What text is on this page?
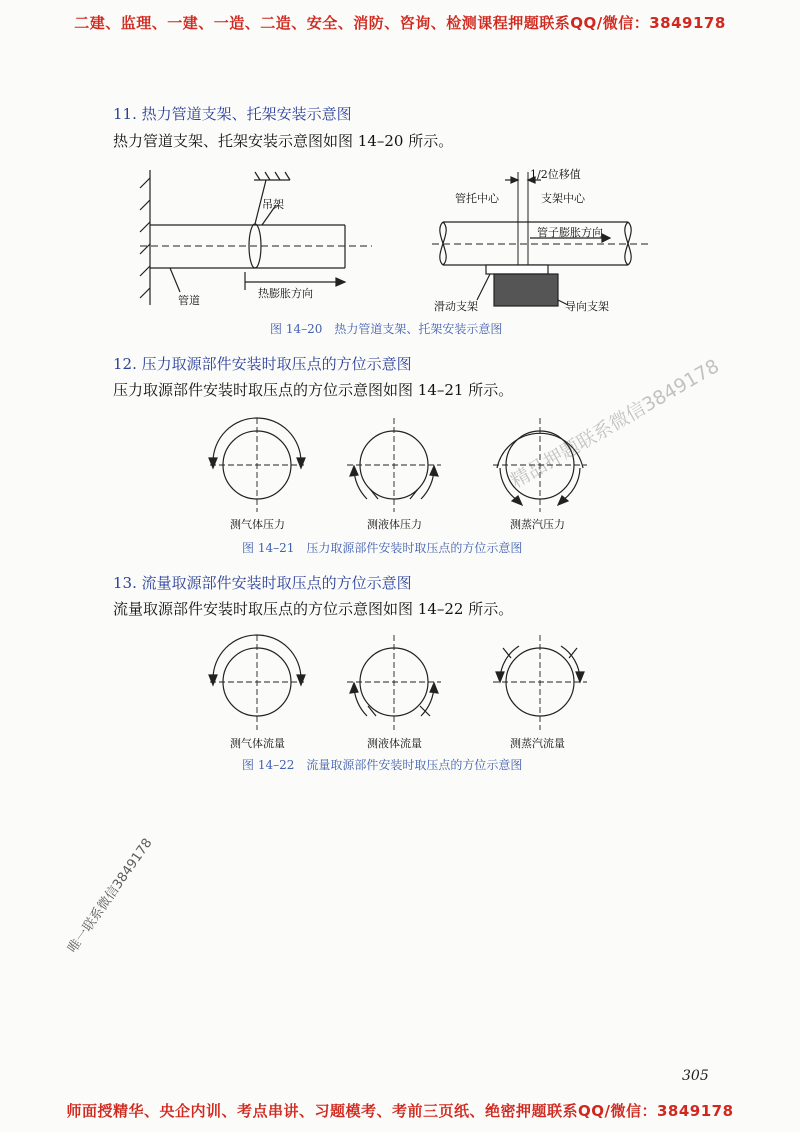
二建、监理、一建、一造、二造、安全、消防、咨询、检测课程押题联系QQ/微信：3849178
11. 热力管道支架、托架安装示意图
热力管道支架、托架安装示意图如图 14–20 所示。
吊架
管道
热膨胀方向
1/2位移值
管托中心	支架中心
管子膨胀方向
滑动支架	导向支架
图 14–20　热力管道支架、托架安装示意图
12. 压力取源部件安装时取压点的方位示意图
压力取源部件安装时取压点的方位示意图如图 14–21 所示。
测气体压力	测液体压力	测蒸汽压力
图 14–21　压力取源部件安装时取压点的方位示意图
13. 流量取源部件安装时取压点的方位示意图
流量取源部件安装时取压点的方位示意图如图 14–22 所示。
测气体流量	测液体流量	测蒸汽流量
图 14–22　流量取源部件安装时取压点的方位示意图
精品押题联系微信3849178
唯一联系微信3849178
305
师面授精华、央企内训、考点串讲、习题模考、考前三页纸、绝密押题联系QQ/微信：3849178
